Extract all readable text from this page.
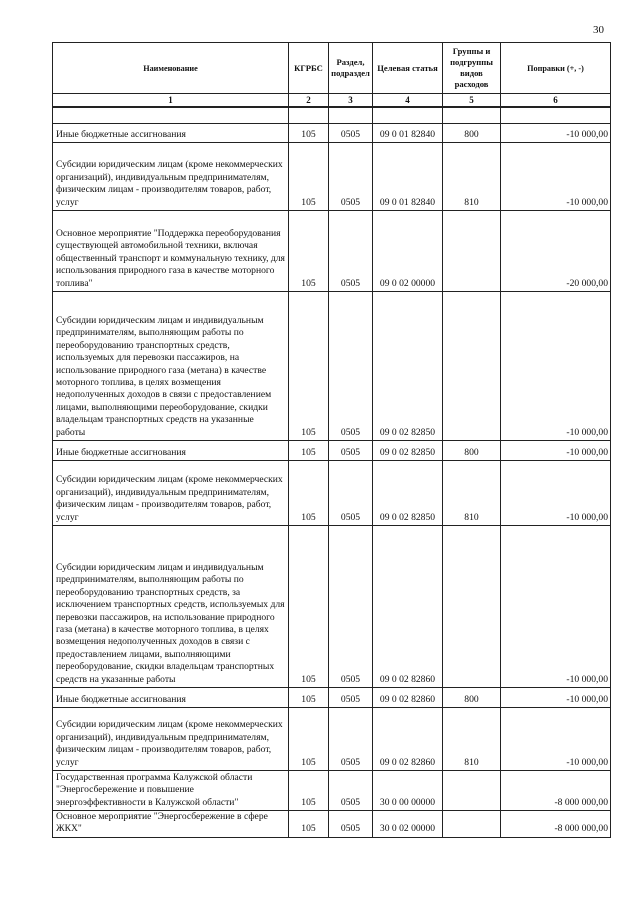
30
Наименование	КГРБС	Раздел, подраздел	Целевая статья	Группы и подгруппы видов расходов	Поправки (+, -)
1	2	3	4	5	6

Иные бюджетные ассигнования	105	0505	09 0 01 82840	800	-10 000,00
Субсидии юридическим лицам (кроме некоммерческих организаций), индивидуальным предпринимателям, физическим лицам - производителям товаров, работ, услуг	105	0505	09 0 01 82840	810	-10 000,00
Основное мероприятие "Поддержка переоборудования существующей автомобильной техники, включая общественный транспорт и коммунальную технику, для использования природного газа в качестве моторного топлива"	105	0505	09 0 02 00000		-20 000,00
Субсидии юридическим лицам и индивидуальным предпринимателям, выполняющим работы по переоборудованию транспортных средств, используемых для перевозки пассажиров, на использование природного газа (метана) в качестве моторного топлива, в целях возмещения недополученных доходов в связи с предоставлением лицами, выполняющими переоборудование, скидки владельцам транспортных средств на указанные работы	105	0505	09 0 02 82850		-10 000,00
Иные бюджетные ассигнования	105	0505	09 0 02 82850	800	-10 000,00
Субсидии юридическим лицам (кроме некоммерческих организаций), индивидуальным предпринимателям, физическим лицам - производителям товаров, работ, услуг	105	0505	09 0 02 82850	810	-10 000,00
Субсидии юридическим лицам и индивидуальным предпринимателям, выполняющим работы по переоборудованию транспортных средств, за исключением транспортных средств, используемых для перевозки пассажиров, на использование природного газа (метана) в качестве моторного топлива, в целях возмещения недополученных доходов в связи с предоставлением лицами, выполняющими переоборудование, скидки владельцам транспортных средств на указанные работы	105	0505	09 0 02 82860		-10 000,00
Иные бюджетные ассигнования	105	0505	09 0 02 82860	800	-10 000,00
Субсидии юридическим лицам (кроме некоммерческих организаций), индивидуальным предпринимателям, физическим лицам - производителям товаров, работ, услуг	105	0505	09 0 02 82860	810	-10 000,00
Государственная программа Калужской области "Энергосбережение и повышение энергоэффективности в Калужской области"	105	0505	30 0 00 00000		-8 000 000,00
Основное мероприятие "Энергосбережение в сфере ЖКХ"	105	0505	30 0 02 00000		-8 000 000,00
